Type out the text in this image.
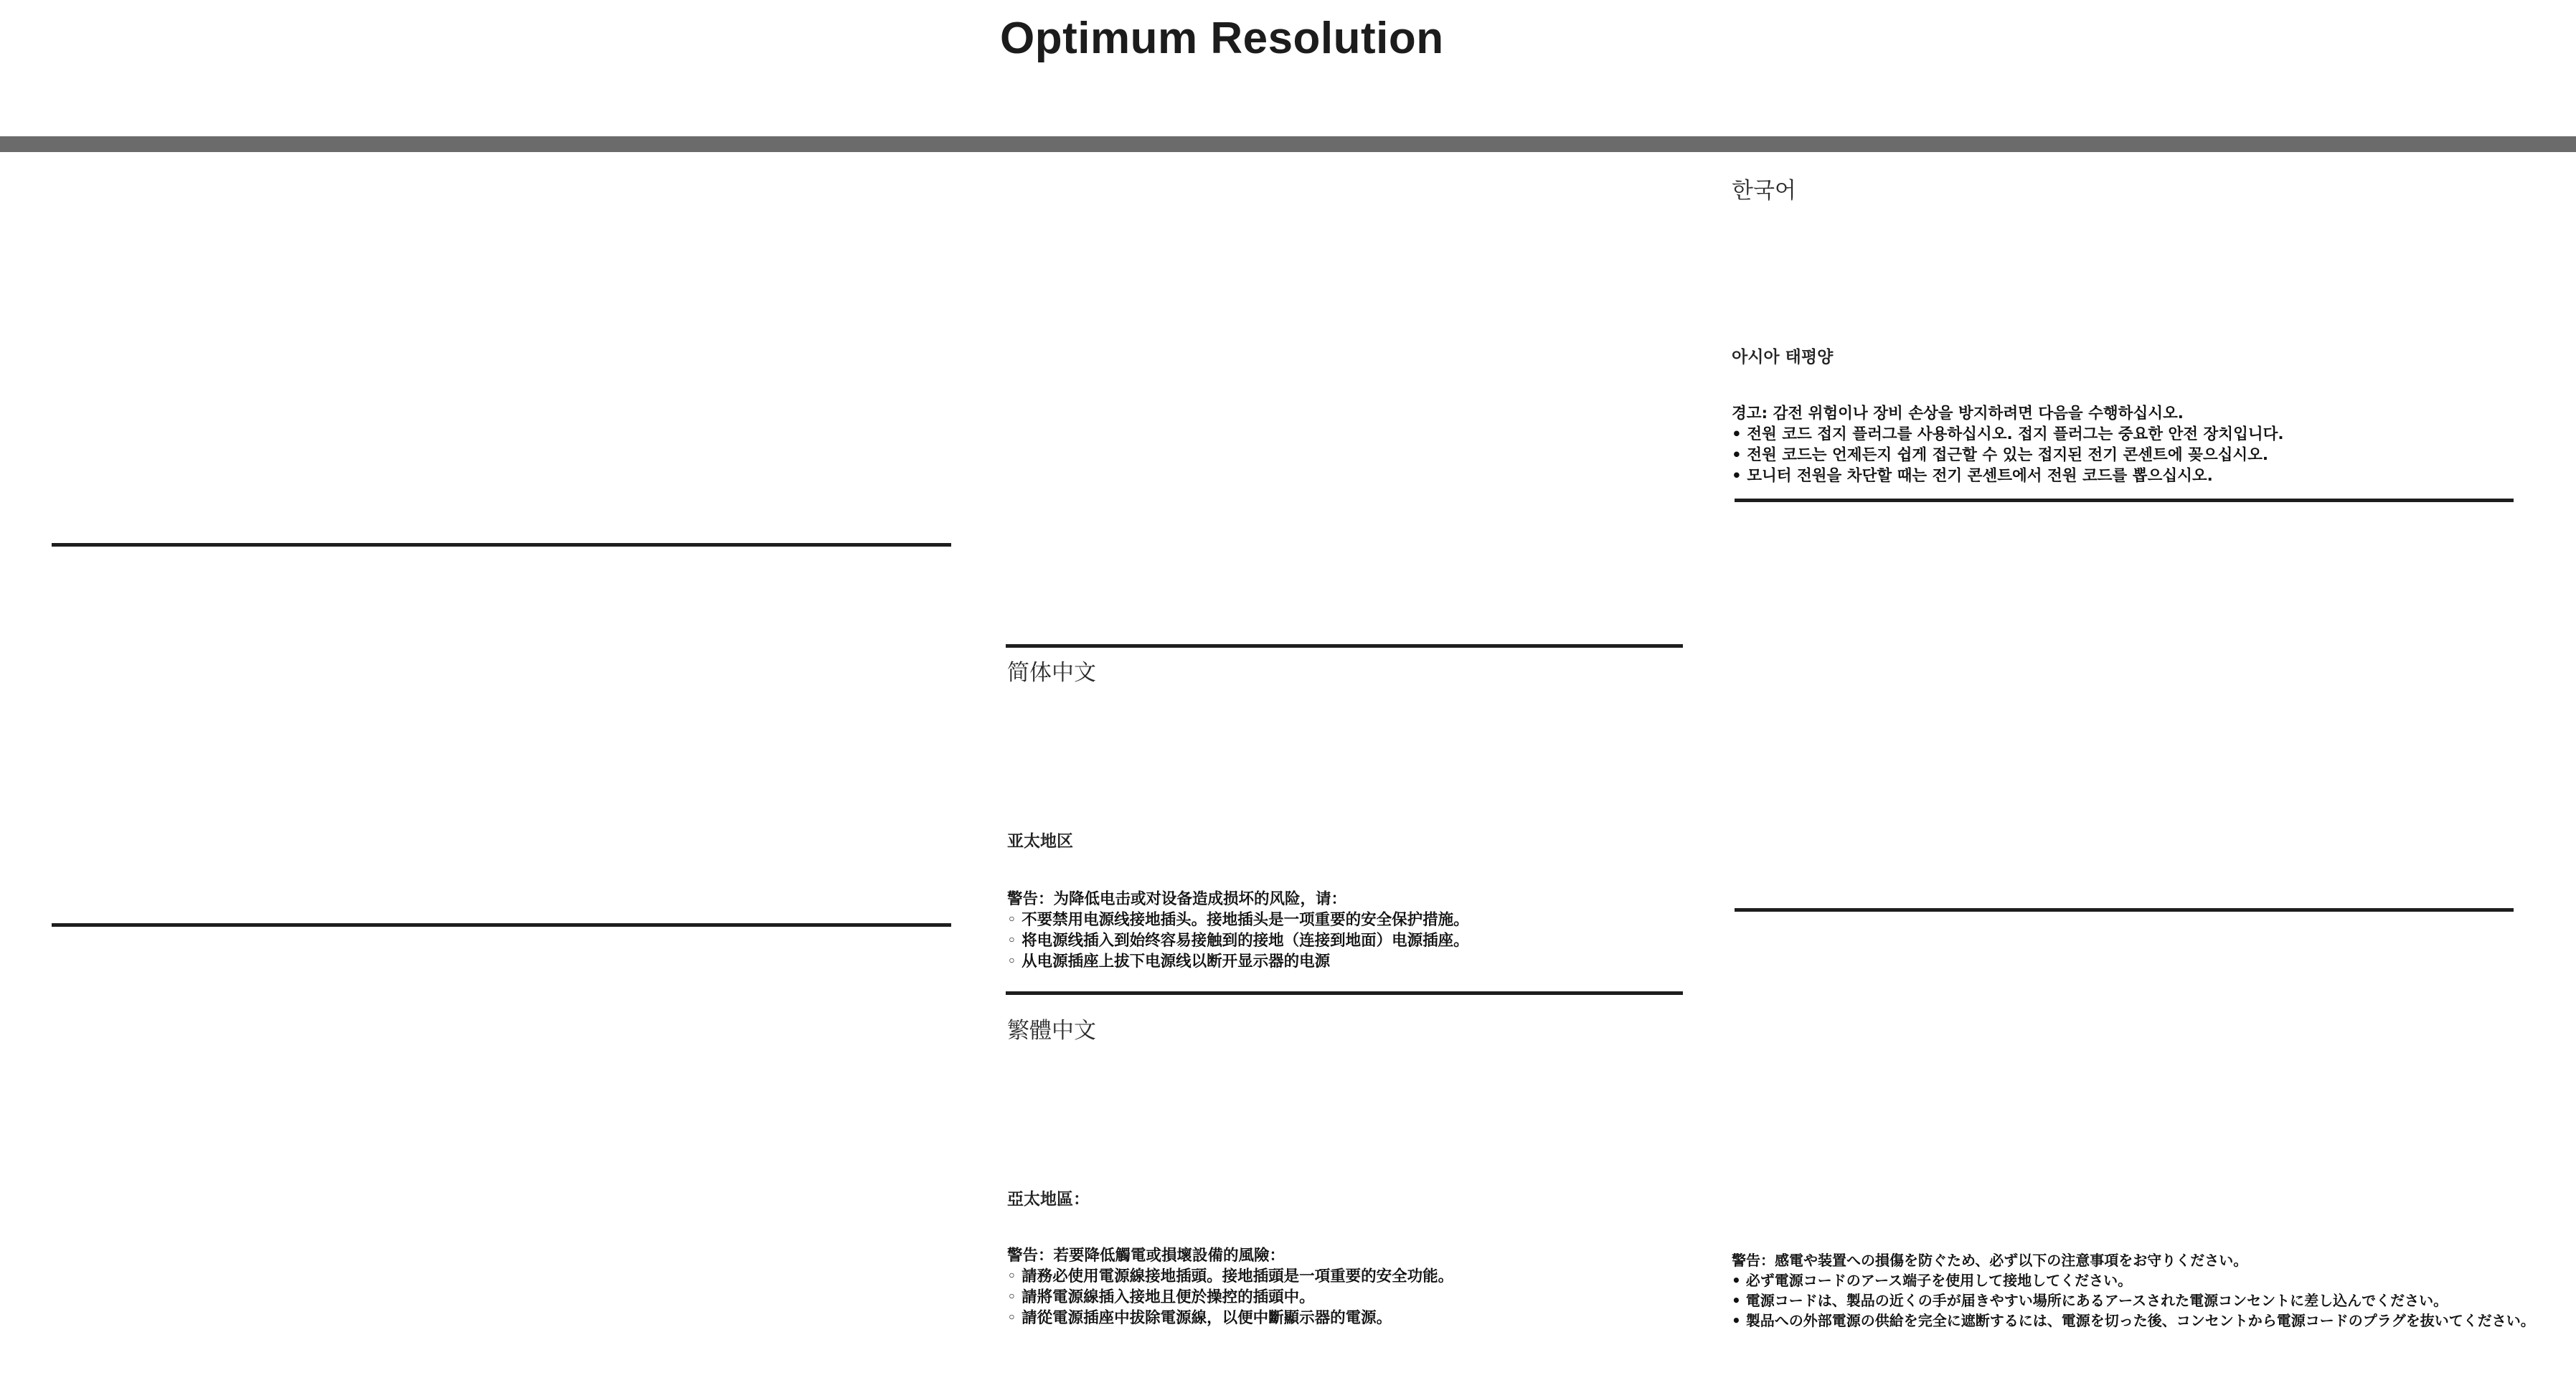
Optimum Resolution
简体中文
亚太地区
警告：为降低电击或对设备造成损坏的风险，请：
◦ 不要禁用电源线接地插头。接地插头是一项重要的安全保护措施。
◦ 将电源线插入到始终容易接触到的接地（连接到地面）电源插座。
◦ 从电源插座上拔下电源线以断开显示器的电源
繁體中文
亞太地區：
警告：若要降低觸電或損壞設備的風險：
◦ 請務必使用電源線接地插頭。接地插頭是一項重要的安全功能。
◦ 請將電源線插入接地且便於操控的插頭中。
◦ 請從電源插座中拔除電源線，以便中斷顯示器的電源。
한국어
아시아 태평양
경고: 감전 위험이나 장비 손상을 방지하려면 다음을 수행하십시오.
• 전원 코드 접지 플러그를 사용하십시오. 접지 플러그는 중요한 안전 장치입니다.
• 전원 코드는 언제든지 쉽게 접근할 수 있는 접지된 전기 콘센트에 꽂으십시오.
• 모니터 전원을 차단할 때는 전기 콘센트에서 전원 코드를 뽑으십시오.
警告：感電や装置への損傷を防ぐため、必ず以下の注意事項をお守りください。
• 必ず電源コードのアース端子を使用して接地してください。
• 電源コードは、製品の近くの手が届きやすい場所にあるアースされた電源コンセントに差し込んでください。
• 製品への外部電源の供給を完全に遮断するには、電源を切った後、コンセントから電源コードのプラグを抜いてください。
